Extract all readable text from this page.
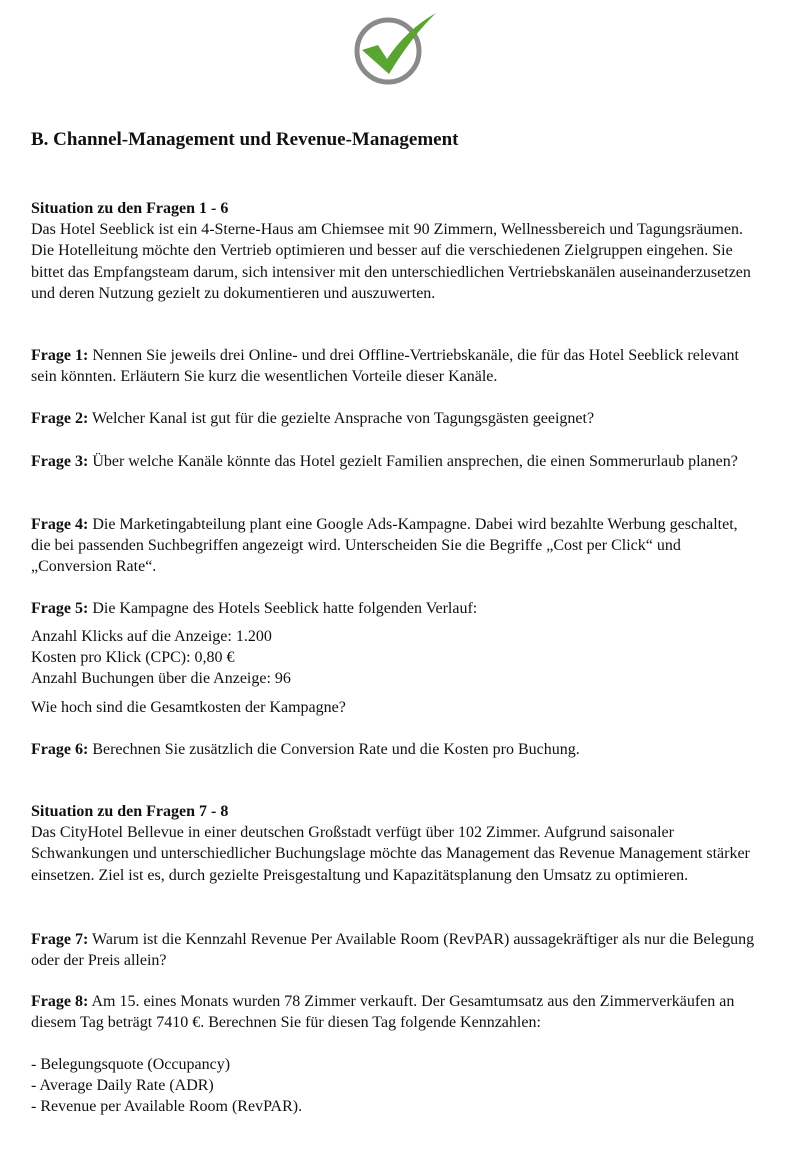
B. Channel-Management und Revenue-Management
Situation zu den Fragen 1 - 6

Das Hotel Seeblick ist ein 4-Sterne-Haus am Chiemsee mit 90 Zimmern, Wellnessbereich und Tagungsräumen. Die Hotelleitung möchte den Vertrieb optimieren und besser auf die verschiedenen Zielgruppen eingehen. Sie bittet das Empfangsteam darum, sich intensiver mit den unterschiedlichen Vertriebskanälen auseinanderzusetzen und deren Nutzung gezielt zu dokumentieren und auszuwerten.

Frage 1: Nennen Sie jeweils drei Online- und drei Offline-Vertriebskanäle, die für das Hotel Seeblick relevant sein könnten. Erläutern Sie kurz die wesentlichen Vorteile dieser Kanäle.

Frage 2: Welcher Kanal ist gut für die gezielte Ansprache von Tagungsgästen geeignet?

Frage 3: Über welche Kanäle könnte das Hotel gezielt Familien ansprechen, die einen Sommerurlaub planen?

Frage 4: Die Marketingabteilung plant eine Google Ads-Kampagne. Dabei wird bezahlte Werbung geschaltet, die bei passenden Suchbegriffen angezeigt wird. Unterscheiden Sie die Begriffe „Cost per Click“ und „Conversion Rate“.

Frage 5: Die Kampagne des Hotels Seeblick hatte folgenden Verlauf:

Anzahl Klicks auf die Anzeige: 1.200
Kosten pro Klick (CPC): 0,80 €
Anzahl Buchungen über die Anzeige: 96

Wie hoch sind die Gesamtkosten der Kampagne?

Frage 6: Berechnen Sie zusätzlich die Conversion Rate und die Kosten pro Buchung.

Situation zu den Fragen 7 - 8

Das CityHotel Bellevue in einer deutschen Großstadt verfügt über 102 Zimmer. Aufgrund saisonaler Schwankungen und unterschiedlicher Buchungslage möchte das Management das Revenue Management stärker einsetzen. Ziel ist es, durch gezielte Preisgestaltung und Kapazitätsplanung den Umsatz zu optimieren.

Frage 7: Warum ist die Kennzahl Revenue Per Available Room (RevPAR) aussagekräftiger als nur die Belegung oder der Preis allein?

Frage 8: Am 15. eines Monats wurden 78 Zimmer verkauft. Der Gesamtumsatz aus den Zimmerverkäufen an diesem Tag beträgt 7410 €. Berechnen Sie für diesen Tag folgende Kennzahlen:

- Belegungsquote (Occupancy)
- Average Daily Rate (ADR)
- Revenue per Available Room (RevPAR).
